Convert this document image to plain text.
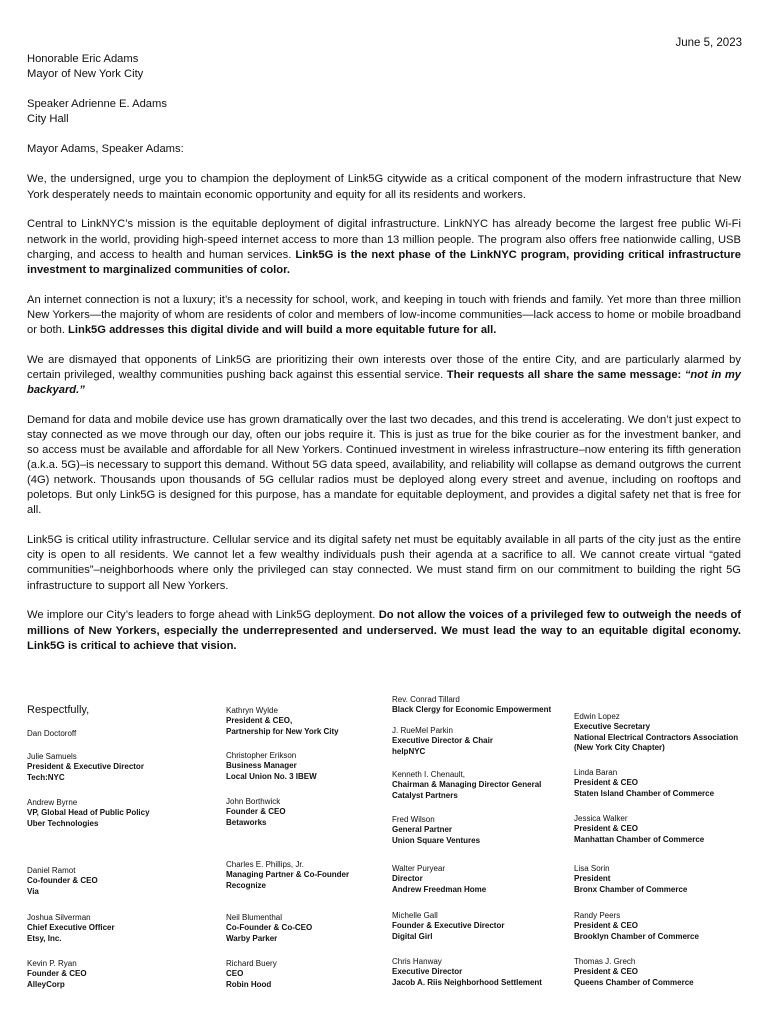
June 5, 2023

Honorable Eric Adams

Mayor of New York City

Speaker Adrienne E. Adams

City Hall

Mayor Adams, Speaker Adams:

We, the undersigned, urge you to champion the deployment of Link5G citywide as a critical component of the modern infrastructure that New York desperately needs to maintain economic opportunity and equity for all its residents and workers.

Central to LinkNYC’s mission is the equitable deployment of digital infrastructure. LinkNYC has already become the largest free public Wi-Fi network in the world, providing high-speed internet access to more than 13 million people. The program also offers free nationwide calling, USB charging, and access to health and human services. Link5G is the next phase of the LinkNYC program, providing critical infrastructure investment to marginalized communities of color.

An internet connection is not a luxury; it’s a necessity for school, work, and keeping in touch with friends and family. Yet more than three million New Yorkers—the majority of whom are residents of color and members of low-income communities—lack access to home or mobile broadband or both. Link5G addresses this digital divide and will build a more equitable future for all.

We are dismayed that opponents of Link5G are prioritizing their own interests over those of the entire City, and are particularly alarmed by certain privileged, wealthy communities pushing back against this essential service. Their requests all share the same message: “not in my backyard.”

Demand for data and mobile device use has grown dramatically over the last two decades, and this trend is accelerating. We don’t just expect to stay connected as we move through our day, often our jobs require it. This is just as true for the bike courier as for the investment banker, and so access must be available and affordable for all New Yorkers. Continued investment in wireless infrastructure–now entering its fifth generation (a.k.a. 5G)–is necessary to support this demand. Without 5G data speed, availability, and reliability will collapse as demand outgrows the current (4G) network. Thousands upon thousands of 5G cellular radios must be deployed along every street and avenue, including on rooftops and poletops. But only Link5G is designed for this purpose, has a mandate for equitable deployment, and provides a digital safety net that is free for all.

Link5G is critical utility infrastructure. Cellular service and its digital safety net must be equitably available in all parts of the city just as the entire city is open to all residents. We cannot let a few wealthy individuals push their agenda at a sacrifice to all. We cannot create virtual “gated communities”–neighborhoods where only the privileged can stay connected. We must stand firm on our commitment to building the right 5G infrastructure to support all New Yorkers.

We implore our City’s leaders to forge ahead with Link5G deployment. Do not allow the voices of a privileged few to outweigh the needs of millions of New Yorkers, especially the underrepresented and underserved. We must lead the way to an equitable digital economy. Link5G is critical to achieve that vision.

Respectfully,
Dan Doctoroff
Julie Samuels
President & Executive Director
Tech:NYC
Andrew Byrne
VP, Global Head of Public Policy
Uber Technologies
Daniel Ramot
Co-founder & CEO
Via
Joshua Silverman
Chief Executive Officer
Etsy, Inc.
Kevin P. Ryan
Founder & CEO
AlleyCorp
Kathryn Wylde
President & CEO,
Partnership for New York City
Christopher Erikson
Business Manager
Local Union No. 3 IBEW
John Borthwick
Founder & CEO
Betaworks
Charles E. Phillips, Jr.
Managing Partner & Co-Founder
Recognize
Neil Blumenthal
Co-Founder & Co-CEO
Warby Parker
Richard Buery
CEO
Robin Hood
Rev. Conrad Tillard
Black Clergy for Economic Empowerment
J. RueMel Parkin
Executive Director & Chair
helpNYC
Kenneth I. Chenault,
Chairman & Managing Director General
Catalyst Partners
Fred Wilson
General Partner
Union Square Ventures
Walter Puryear
Director
Andrew Freedman Home
Michelle Gall
Founder & Executive Director
Digital Girl
Chris Hanway
Executive Director
Jacob A. Riis Neighborhood Settlement
Edwin Lopez
Executive Secretary
National Electrical Contractors Association
(New York City Chapter)
Linda Baran
President & CEO
Staten Island Chamber of Commerce
Jessica Walker
President & CEO
Manhattan Chamber of Commerce
Lisa Sorin
President
Bronx Chamber of Commerce
Randy Peers
President & CEO
Brooklyn Chamber of Commerce
Thomas J. Grech
President & CEO
Queens Chamber of Commerce
